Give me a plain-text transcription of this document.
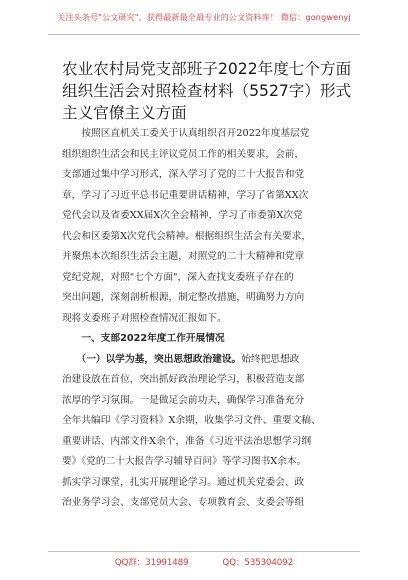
关注头条号"公文研究"，获得最新最全最专业的公文资料库！ 微信：gongwenyj
农业农村局党支部班子2022年度七个方面
组织生活会对照检查材料（5527字）形式
主义官僚主义方面
　　按照区直机关工委关于认真组织召开2022年度基层党
组织组织生活会和民主评议党员工作的相关要求，会前，
支部通过集中学习形式，深入学习了党的二十大报告和党
章，学习了习近平总书记重要讲话精神，学习了省第XX次
党代会以及省委XX届X次全会精神，学习了市委第X次党
代会和区委第X次党代会精神。根据组织生活会有关要求，
并聚焦本次组织生活会主题，对照党的二十大精神和党章
党纪党规，对照"七个方面"，深入查找支委班子存在的
突出问题，深刻剖析根源，制定整改措施，明确努力方向
现将支委班子对照检查情况汇报如下。
　　一、支部2022年度工作开展情况
　　（一）以学为基，突出思想政治建设。始终把思想政
治建设放在首位，突出抓好政治理论学习，积极营造支部
浓厚的学习氛围。一是做足会前功夫，确保学习准备充分
全年共编印《学习资料》X余期，收集学习文件、重要文稿、
重要讲话、内部文件X余个，准备《习近平法治思想学习纲
要》《党的二十大报告学习辅导百问》等学习图书X余本。
抓实学习课堂，扎实开展理论学习。通过机关党委会、政
治业务学习会、支部党员大会、专项教育会、支委会等组
QQ群：31991489	QQ：535304092
